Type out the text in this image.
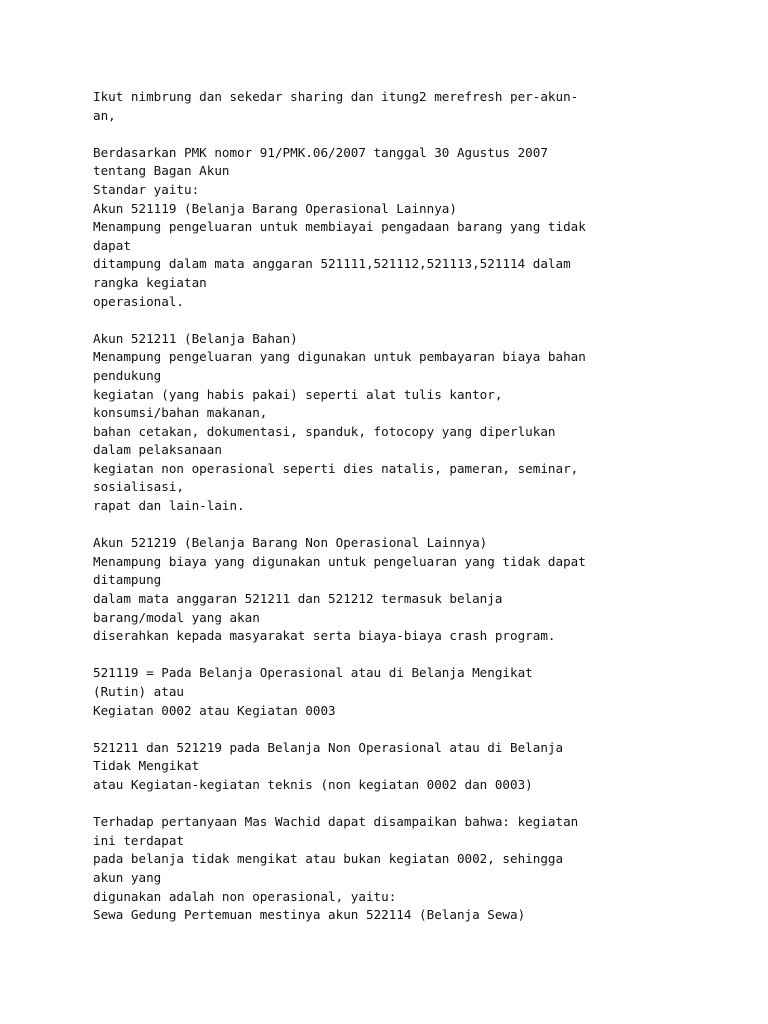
Ikut nimbrung dan sekedar sharing dan itung2 merefresh per-akun-
an,
Berdasarkan PMK nomor 91/PMK.06/2007 tanggal 30 Agustus 2007
tentang Bagan Akun
Standar yaitu:
Akun 521119 (Belanja Barang Operasional Lainnya)
Menampung pengeluaran untuk membiayai pengadaan barang yang tidak
dapat
ditampung dalam mata anggaran 521111,521112,521113,521114 dalam
rangka kegiatan
operasional.
Akun 521211 (Belanja Bahan)
Menampung pengeluaran yang digunakan untuk pembayaran biaya bahan
pendukung
kegiatan (yang habis pakai) seperti alat tulis kantor,
konsumsi/bahan makanan,
bahan cetakan, dokumentasi, spanduk, fotocopy yang diperlukan
dalam pelaksanaan
kegiatan non operasional seperti dies natalis, pameran, seminar,
sosialisasi,
rapat dan lain-lain.
Akun 521219 (Belanja Barang Non Operasional Lainnya)
Menampung biaya yang digunakan untuk pengeluaran yang tidak dapat
ditampung
dalam mata anggaran 521211 dan 521212 termasuk belanja
barang/modal yang akan
diserahkan kepada masyarakat serta biaya-biaya crash program.
521119 = Pada Belanja Operasional atau di Belanja Mengikat
(Rutin) atau
Kegiatan 0002 atau Kegiatan 0003
521211 dan 521219 pada Belanja Non Operasional atau di Belanja
Tidak Mengikat
atau Kegiatan-kegiatan teknis (non kegiatan 0002 dan 0003)
Terhadap pertanyaan Mas Wachid dapat disampaikan bahwa: kegiatan
ini terdapat
pada belanja tidak mengikat atau bukan kegiatan 0002, sehingga
akun yang
digunakan adalah non operasional, yaitu:
Sewa Gedung Pertemuan mestinya akun 522114 (Belanja Sewa)
